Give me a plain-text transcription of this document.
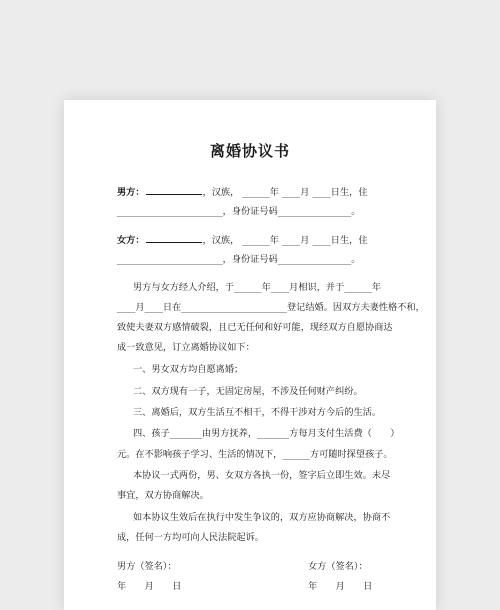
离婚协议书
男方：	，汉族， ______年 ____月 ____日生，住
_______________________，身份证号码________________。
女方：	，汉族， ______年 ____月 ____日生，住
_______________________，身份证号码________________。
男方与女方经人介绍，于______年____月相识，并于______年
____月____日在_______________________登记结婚。因双方夫妻性格不和，
致使夫妻双方感情破裂，且已无任何和好可能，现经双方自愿协商达
成一致意见，订立离婚协议如下：
一、男女双方均自愿离婚；
二、双方现有一子，无固定房屋，不涉及任何财产纠纷。
三、离婚后，双方生活互不相干，不得干涉对方今后的生活。
四、孩子_______由男方抚养，_______方每月支付生活费（　　）
元。在不影响孩子学习、生活的情况下，______方可随时探望孩子。
本协议一式两份，男、女双方各执一份，签字后立即生效。未尽
事宜，双方协商解决。
如本协议生效后在执行中发生争议的，双方应协商解决，协商不
成，任何一方均可向人民法院起诉。
男方（签名）：	女方（签名）：
年　　月　　日	年　　月　　日
